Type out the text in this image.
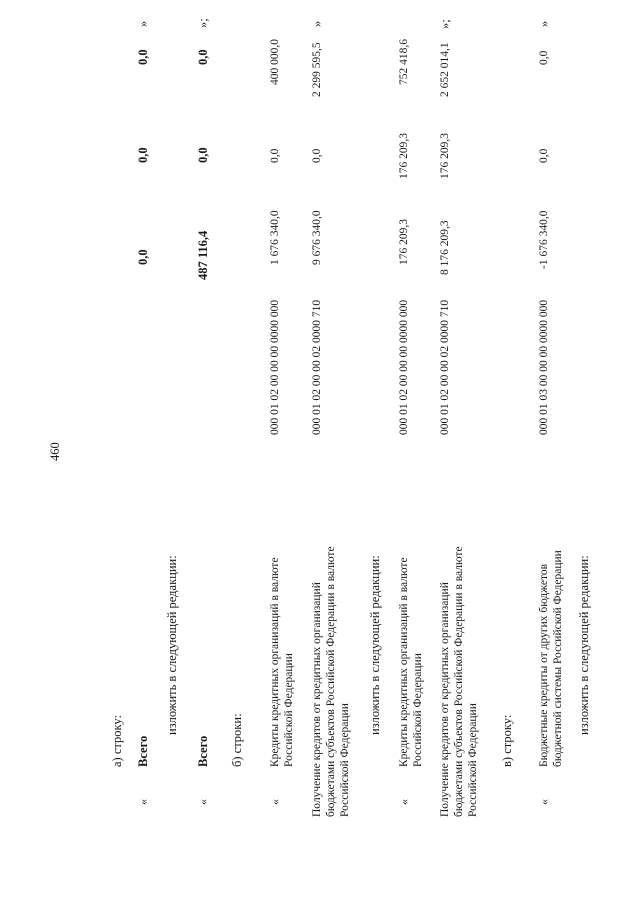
460
а) строку:
«
Всего
0,0
0,0
0,0
»
изложить в следующей редакции:
«
Всего
487 116,4
0,0
0,0
»;
б) строки:
«
Кредиты кредитных организаций в валюте Российской Федерации
000 01 02 00 00 00 0000 000
1 676 340,0
0,0
400 000,0
Получение кредитов от кредитных организаций бюджетами субъектов Российской Федерации в валюте Российской Федерации
000 01 02 00 00 02 0000 710
9 676 340,0
0,0
2 299 595,5
»
изложить в следующей редакции:
«
Кредиты кредитных организаций в валюте Российской Федерации
000 01 02 00 00 00 0000 000
176 209,3
176 209,3
752 418,6
Получение кредитов от кредитных организаций бюджетами субъектов Российской Федерации в валюте Российской Федерации
000 01 02 00 00 02 0000 710
8 176 209,3
176 209,3
2 652 014,1
»;
в) строку:
«
Бюджетные кредиты от других бюджетов бюджетной системы Российской Федерации
000 01 03 00 00 00 0000 000
-1 676 340,0
0,0
0,0
»
изложить в следующей редакции:
